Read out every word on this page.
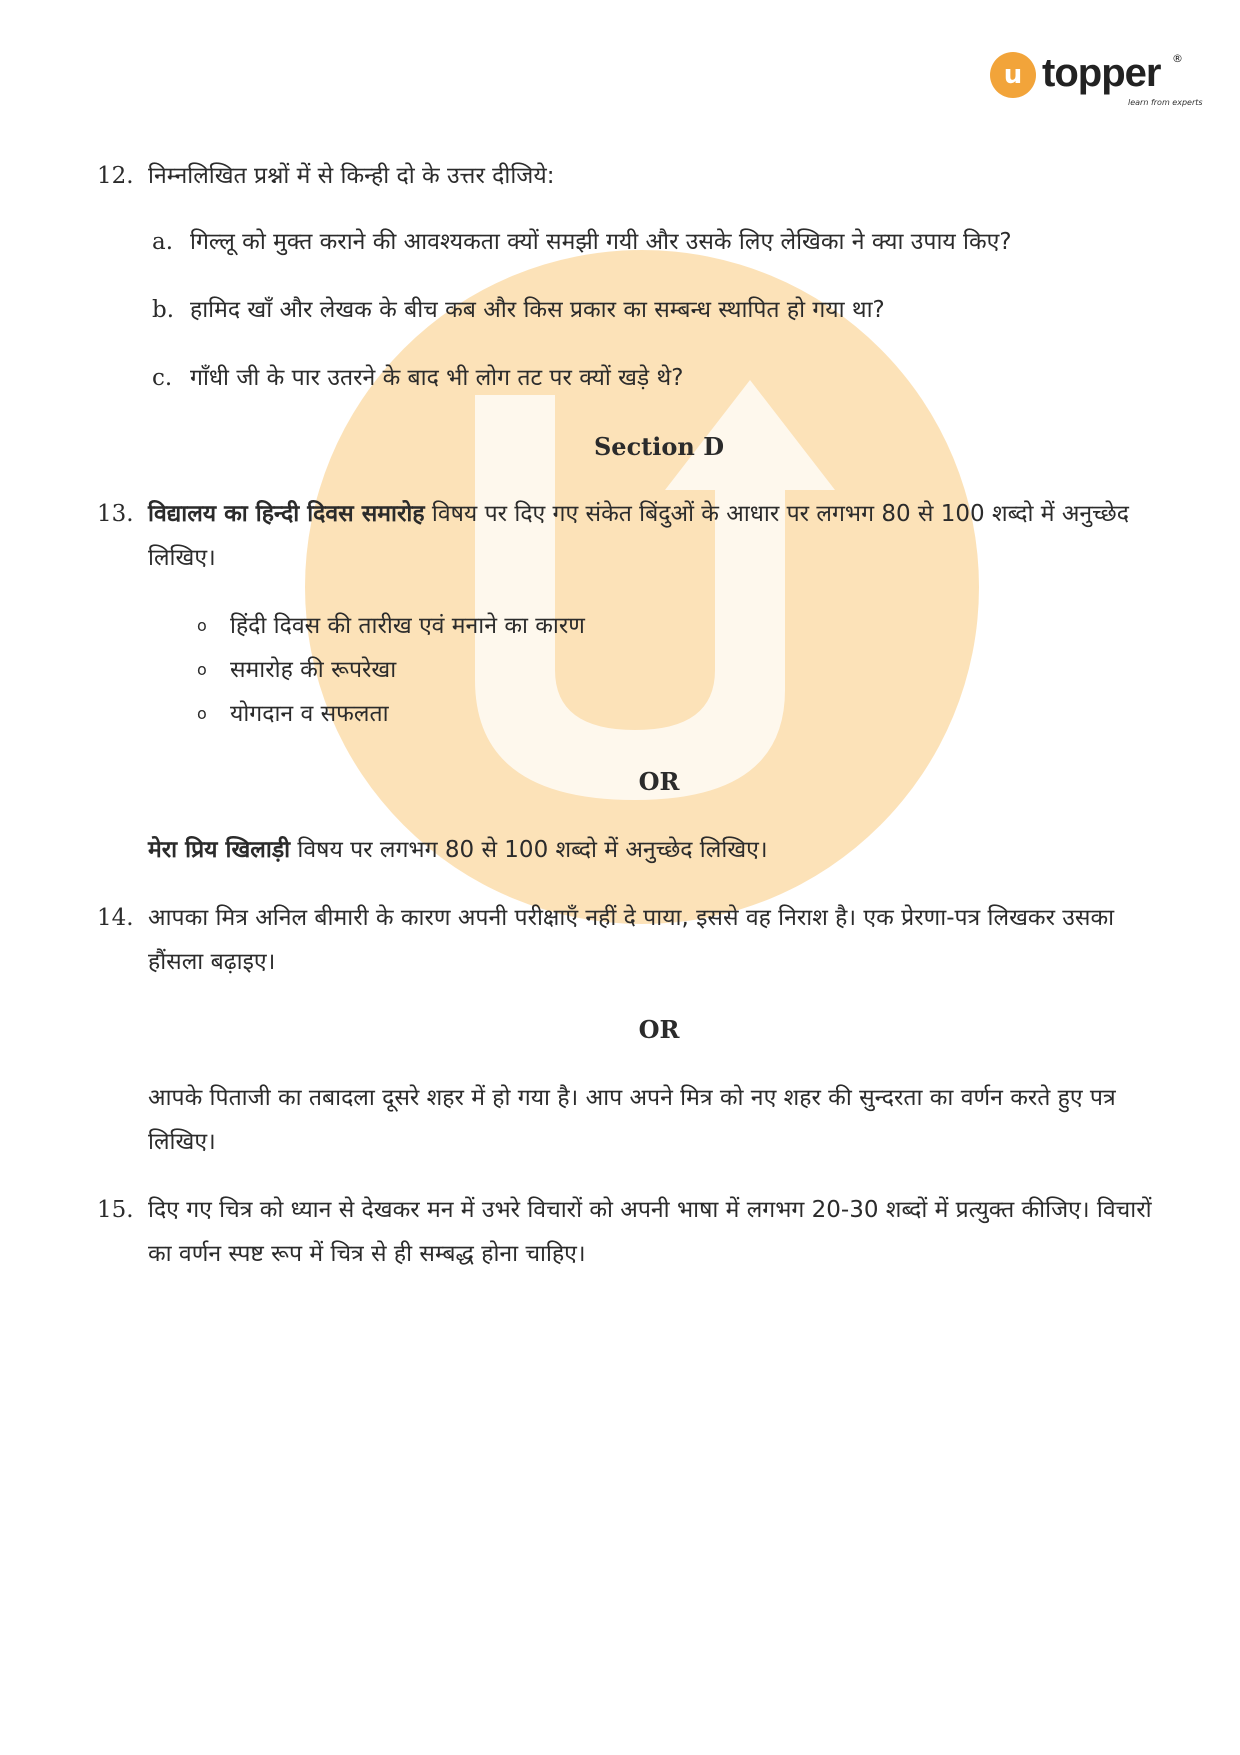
u topper ®
learn from experts
12. निम्नलिखित प्रश्नों में से किन्ही दो के उत्तर दीजिये:
a. गिल्लू को मुक्त कराने की आवश्यकता क्यों समझी गयी और उसके लिए लेखिका ने क्या उपाय किए?
b. हामिद खाँ और लेखक के बीच कब और किस प्रकार का सम्बन्ध स्थापित हो गया था?
c. गाँधी जी के पार उतरने के बाद भी लोग तट पर क्यों खड़े थे?
Section D
13. विद्यालय का हिन्दी दिवस समारोह विषय पर दिए गए संकेत बिंदुओं के आधार पर लगभग 80 से 100 शब्दो में अनुच्छेद
लिखिए।
o हिंदी दिवस की तारीख एवं मनाने का कारण
o समारोह की रूपरेखा
o योगदान व सफलता
OR
मेरा प्रिय खिलाड़ी विषय पर लगभग 80 से 100 शब्दो में अनुच्छेद लिखिए।
14. आपका मित्र अनिल बीमारी के कारण अपनी परीक्षाएँ नहीं दे पाया, इससे वह निराश है। एक प्रेरणा-पत्र लिखकर उसका
हौंसला बढ़ाइए।
OR
आपके पिताजी का तबादला दूसरे शहर में हो गया है। आप अपने मित्र को नए शहर की सुन्दरता का वर्णन करते हुए पत्र
लिखिए।
15. दिए गए चित्र को ध्यान से देखकर मन में उभरे विचारों को अपनी भाषा में लगभग 20-30 शब्दों में प्रत्युक्त कीजिए। विचारों
का वर्णन स्पष्ट रूप में चित्र से ही सम्बद्ध होना चाहिए।
